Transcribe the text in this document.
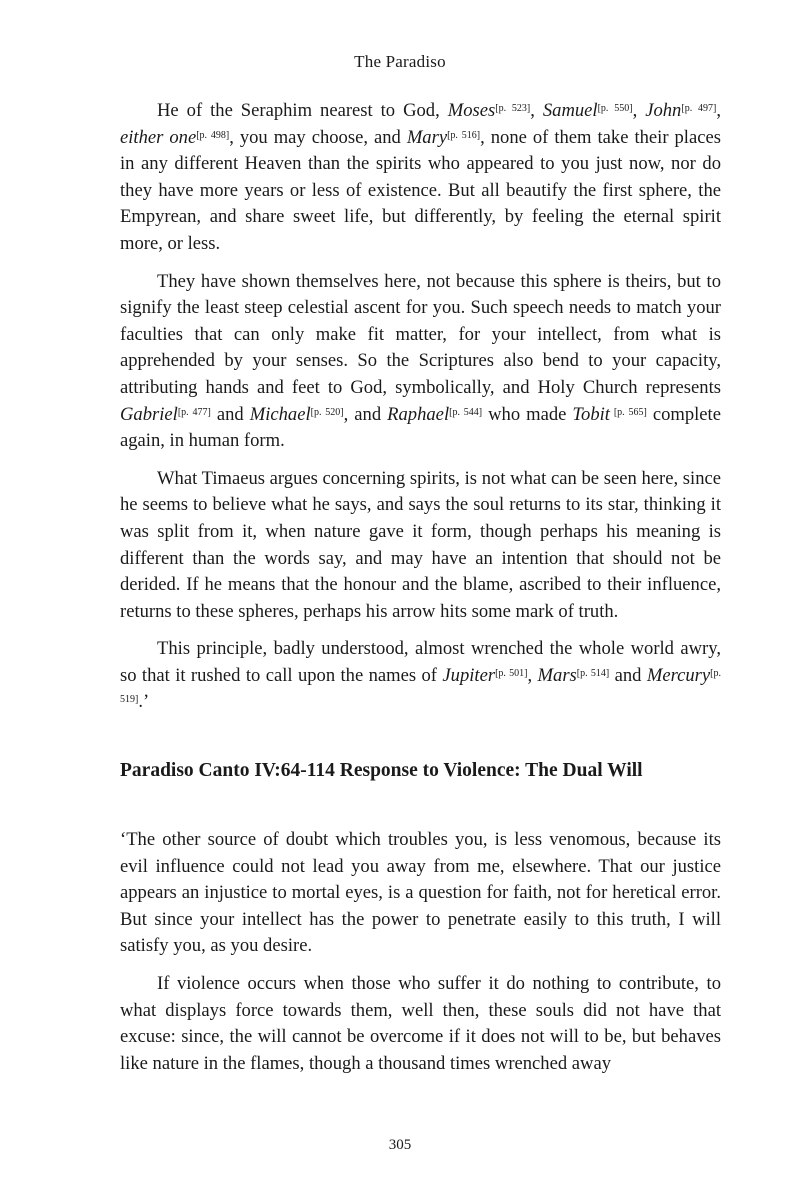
The Paradiso

He of the Seraphim nearest to God, Moses[p. 523], Samuel[p. 550], John[p. 497], either one[p. 498], you may choose, and Mary[p. 516], none of them take their places in any different Heaven than the spirits who appeared to you just now, nor do they have more years or less of existence. But all beautify the first sphere, the Empyrean, and share sweet life, but differently, by feeling the eternal spirit more, or less.

They have shown themselves here, not because this sphere is theirs, but to signify the least steep celestial ascent for you. Such speech needs to match your faculties that can only make fit matter, for your intellect, from what is apprehended by your senses. So the Scriptures also bend to your capacity, attributing hands and feet to God, symbolically, and Holy Church represents Gabriel[p. 477] and Michael[p. 520], and Raphael[p. 544] who made Tobit [p. 565] complete again, in human form.

What Timaeus argues concerning spirits, is not what can be seen here, since he seems to believe what he says, and says the soul returns to its star, thinking it was split from it, when nature gave it form, though perhaps his meaning is different than the words say, and may have an intention that should not be derided. If he means that the honour and the blame, ascribed to their influence, returns to these spheres, perhaps his arrow hits some mark of truth.

This principle, badly understood, almost wrenched the whole world awry, so that it rushed to call upon the names of Jupiter[p. 501], Mars[p. 514] and Mercury[p. 519].’

Paradiso Canto IV:64-114 Response to Violence: The Dual Will

‘The other source of doubt which troubles you, is less venomous, because its evil influence could not lead you away from me, elsewhere. That our justice appears an injustice to mortal eyes, is a question for faith, not for heretical error. But since your intellect has the power to penetrate easily to this truth, I will satisfy you, as you desire.

If violence occurs when those who suffer it do nothing to contribute, to what displays force towards them, well then, these souls did not have that excuse: since, the will cannot be overcome if it does not will to be, but behaves like nature in the flames, though a thousand times wrenched away

305
